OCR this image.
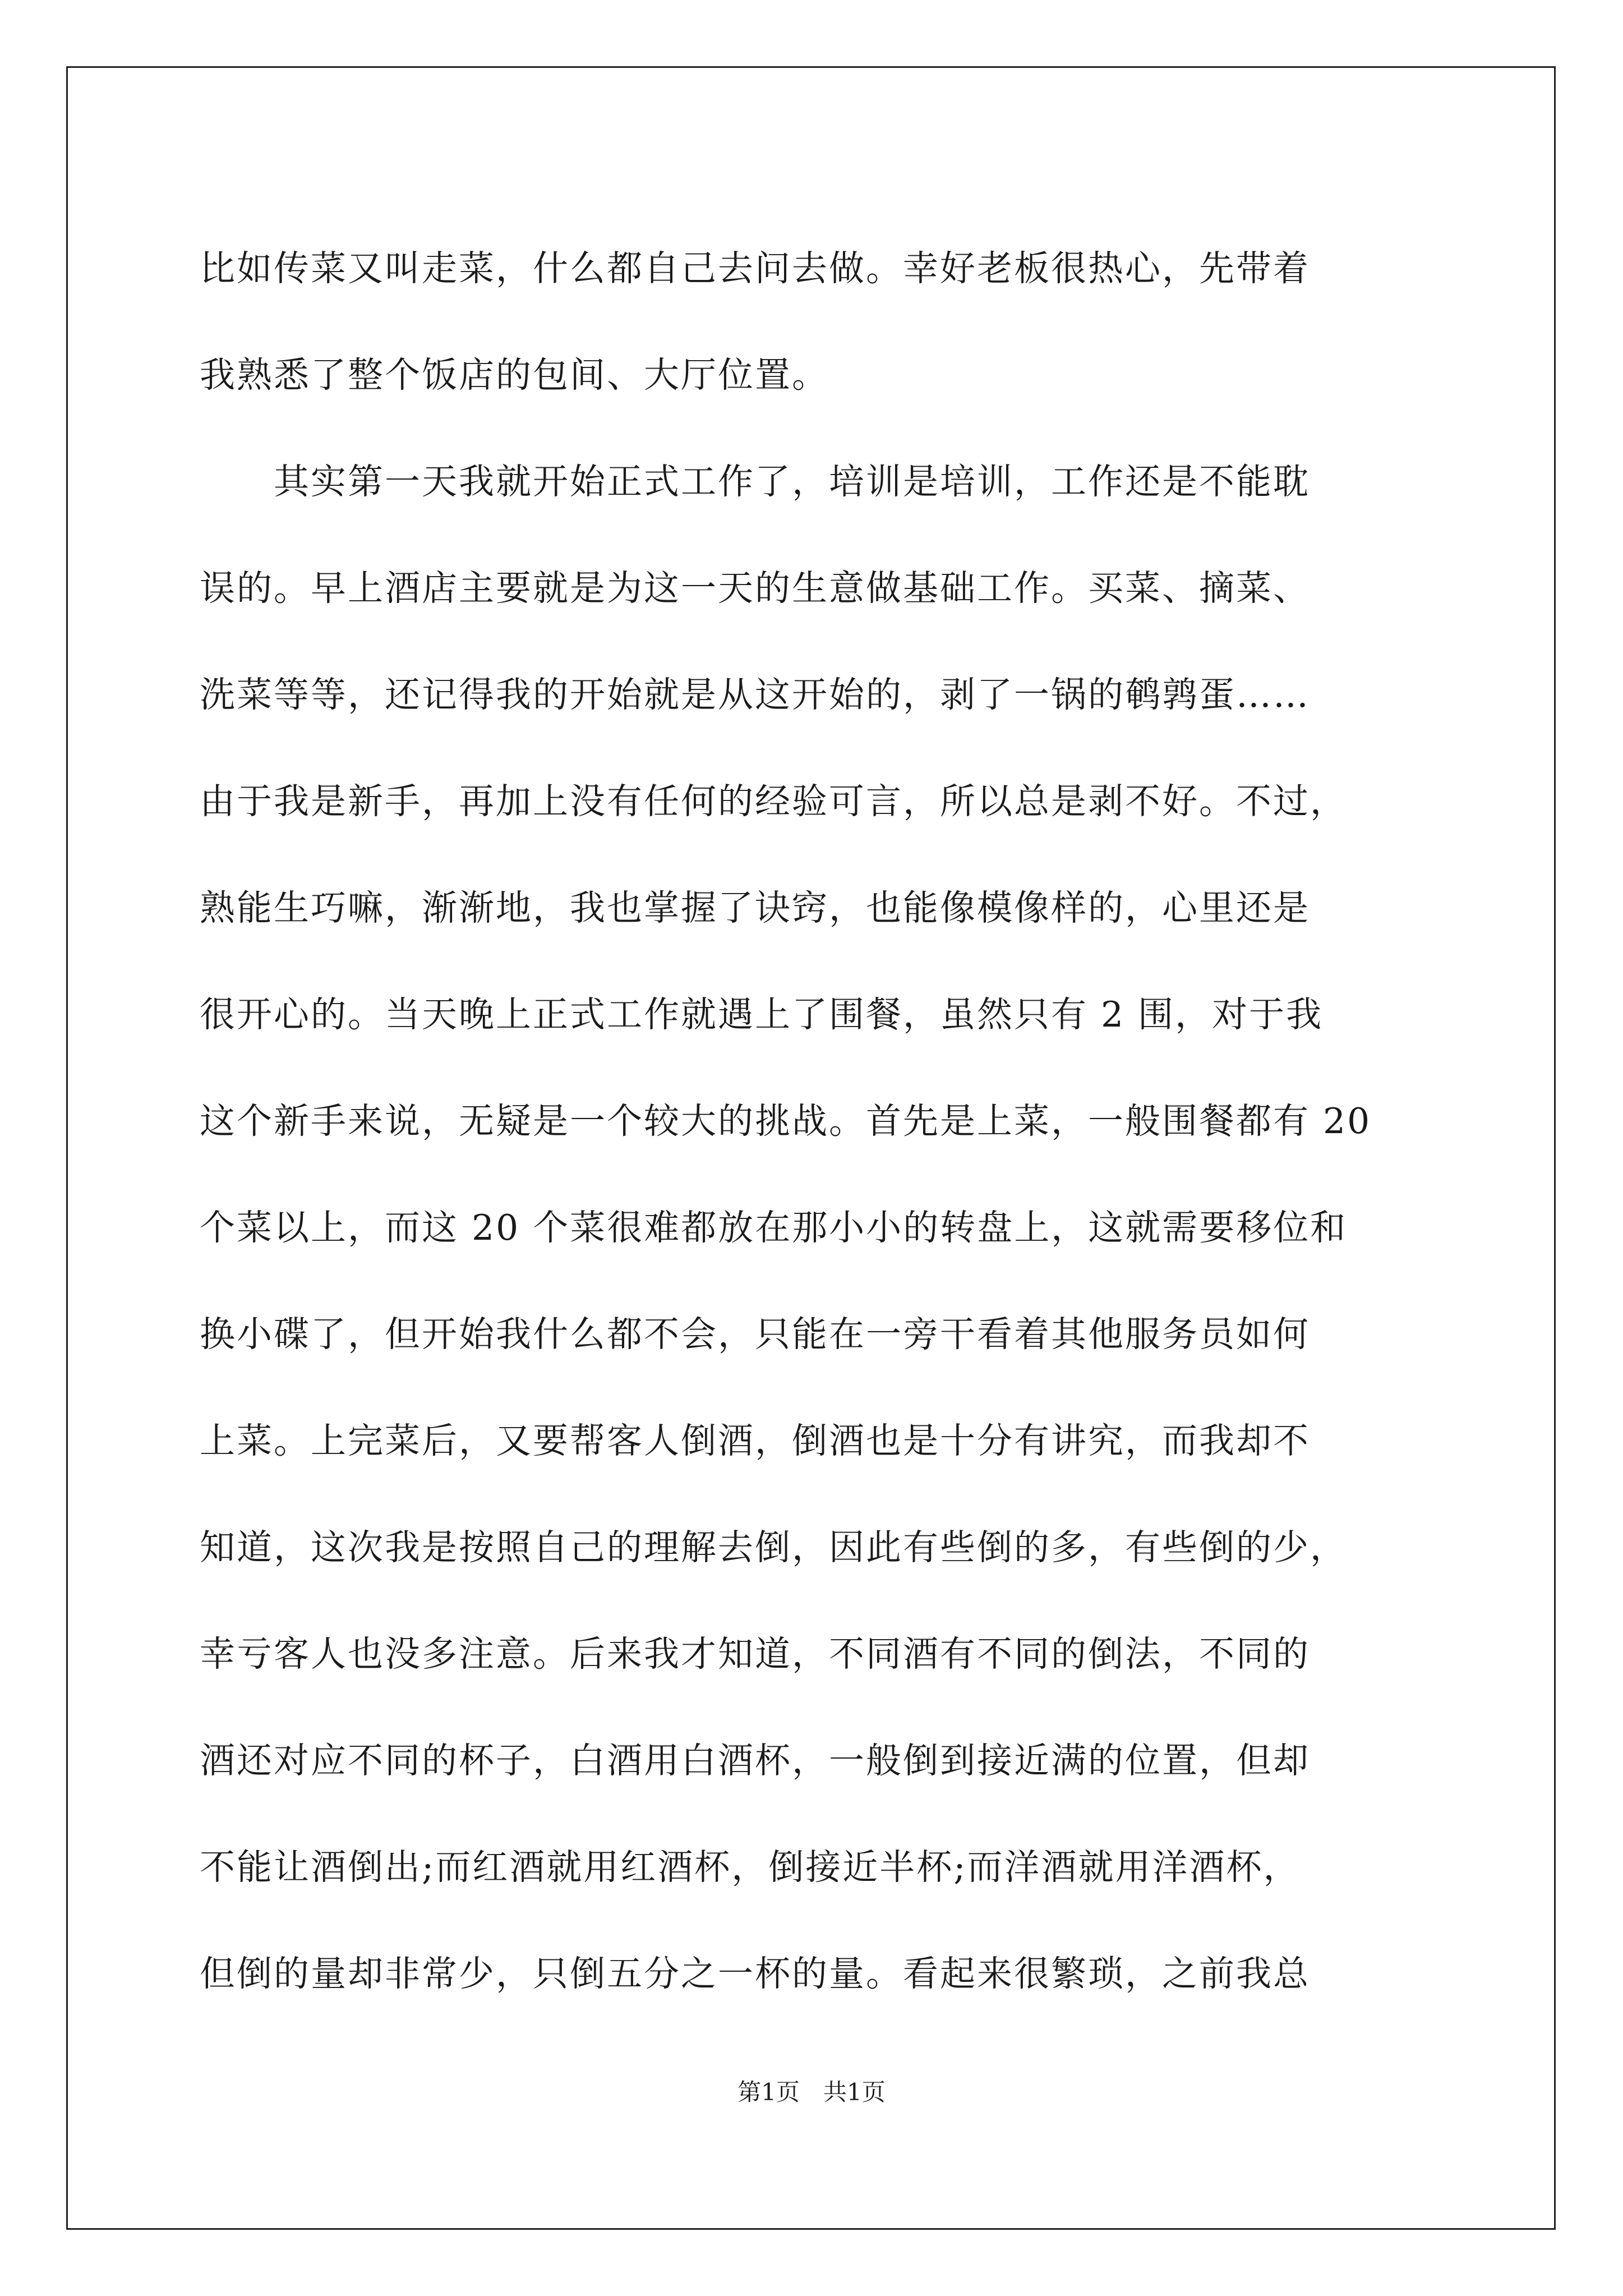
比如传菜又叫走菜，什么都自己去问去做。幸好老板很热心，先带着
我熟悉了整个饭店的包间、大厅位置。
　　其实第一天我就开始正式工作了，培训是培训，工作还是不能耽
误的。早上酒店主要就是为这一天的生意做基础工作。买菜、摘菜、
洗菜等等，还记得我的开始就是从这开始的，剥了一锅的鹌鹑蛋……
由于我是新手，再加上没有任何的经验可言，所以总是剥不好。不过，
熟能生巧嘛，渐渐地，我也掌握了诀窍，也能像模像样的，心里还是
很开心的。当天晚上正式工作就遇上了围餐，虽然只有 2 围，对于我
这个新手来说，无疑是一个较大的挑战。首先是上菜，一般围餐都有 20
个菜以上，而这 20 个菜很难都放在那小小的转盘上，这就需要移位和
换小碟了，但开始我什么都不会，只能在一旁干看着其他服务员如何
上菜。上完菜后，又要帮客人倒酒，倒酒也是十分有讲究，而我却不
知道，这次我是按照自己的理解去倒，因此有些倒的多，有些倒的少，
幸亏客人也没多注意。后来我才知道，不同酒有不同的倒法，不同的
酒还对应不同的杯子，白酒用白酒杯，一般倒到接近满的位置，但却
不能让酒倒出;而红酒就用红酒杯，倒接近半杯;而洋酒就用洋酒杯，
但倒的量却非常少，只倒五分之一杯的量。看起来很繁琐，之前我总
第1页　共1页
